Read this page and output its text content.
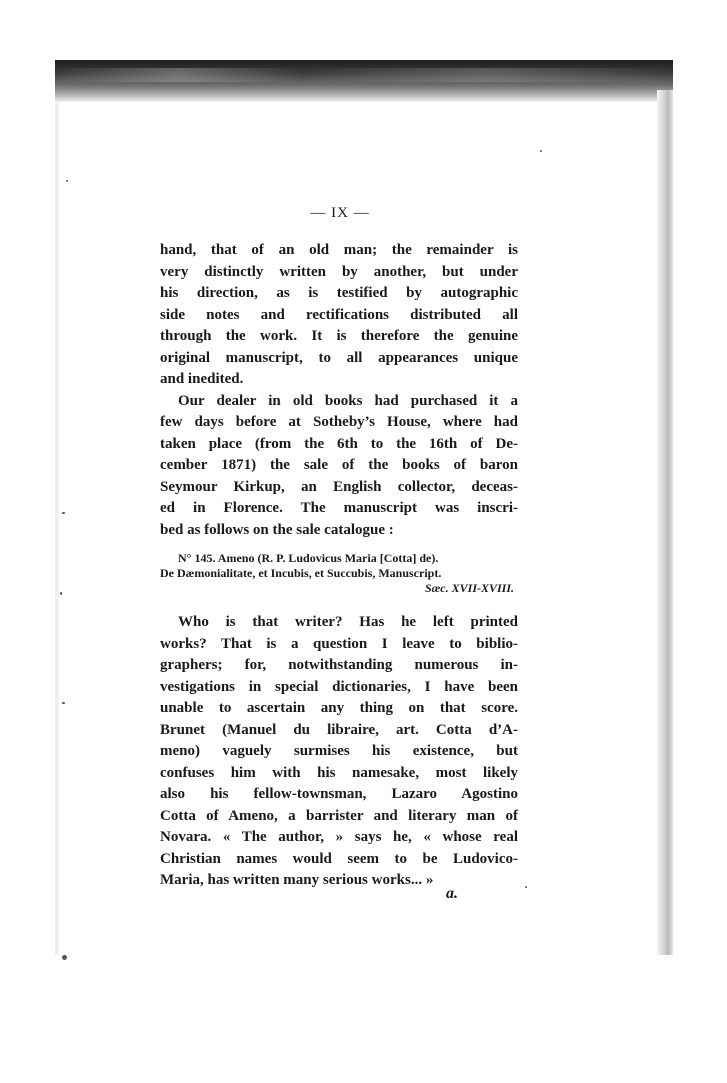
— IX —

hand, that of an old man; the remainder is
very distinctly written by another, but under
his direction, as is testified by autographic
side notes and rectifications distributed all
through the work. It is therefore the genuine
original manuscript, to all appearances unique
and inedited.

Our dealer in old books had purchased it a
few days before at Sotheby’s House, where had
taken place (from the 6th to the 16th of De-
cember 1871) the sale of the books of baron
Seymour Kirkup, an English collector, deceas-
ed in Florence. The manuscript was inscri-
bed as follows on the sale catalogue :

N° 145. Ameno (R. P. Ludovicus Maria [Cotta] de).
De Dæmonialitate, et Incubis, et Succubis, Manuscript.
Sæc. XVII-XVIII.

Who is that writer? Has he left printed
works? That is a question I leave to biblio-
graphers; for, notwithstanding numerous in-
vestigations in special dictionaries, I have been
unable to ascertain any thing on that score.
Brunet (Manuel du libraire, art. Cotta d’A-
meno) vaguely surmises his existence, but
confuses him with his namesake, most likely
also his fellow-townsman, Lazaro Agostino
Cotta of Ameno, a barrister and literary man of
Novara. « The author, » says he, « whose real
Christian names would seem to be Ludovico-
Maria, has written many serious works... »

a.
